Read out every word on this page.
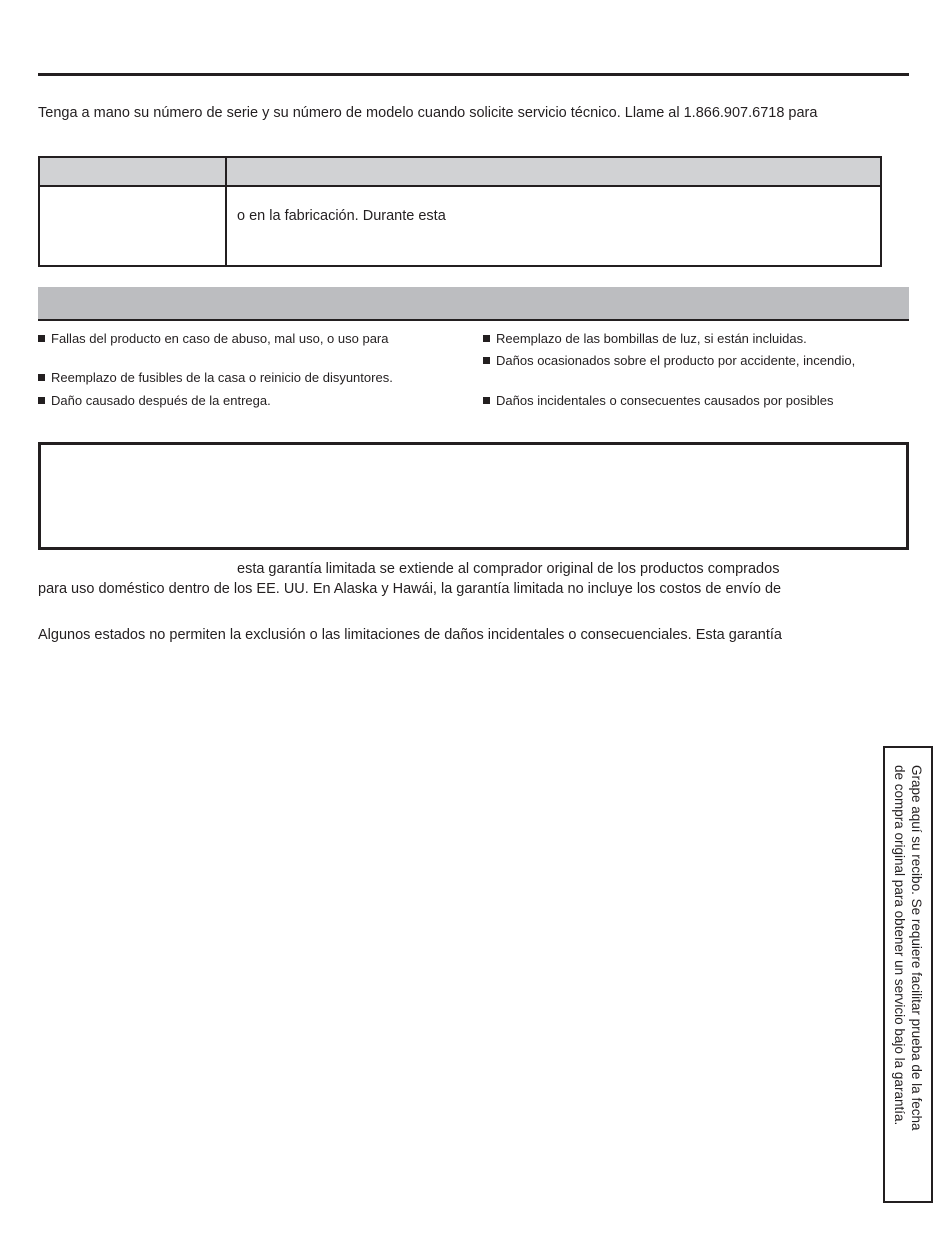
Tenga a mano su número de serie y su número de modelo cuando solicite servicio técnico. Llame al 1.866.907.6718 para
o en la fabricación. Durante esta
Fallas del producto en caso de abuso, mal uso, o uso para
Reemplazo de fusibles de la casa o reinicio de disyuntores.
Daño causado después de la entrega.
Reemplazo de las bombillas de luz, si están incluidas.
Daños ocasionados sobre el producto por accidente, incendio,
Daños incidentales o consecuentes causados por posibles
esta garantía limitada se extiende al comprador original de los productos comprados
para uso doméstico dentro de los EE. UU. En Alaska y Hawái, la garantía limitada no incluye los costos de envío de
Algunos estados no permiten la exclusión o las limitaciones de daños incidentales o consecuenciales. Esta garantía
Grape aquí su recibo. Se requiere facilitar prueba de la fecha
de compra original para obtener un servicio bajo la garantía.
